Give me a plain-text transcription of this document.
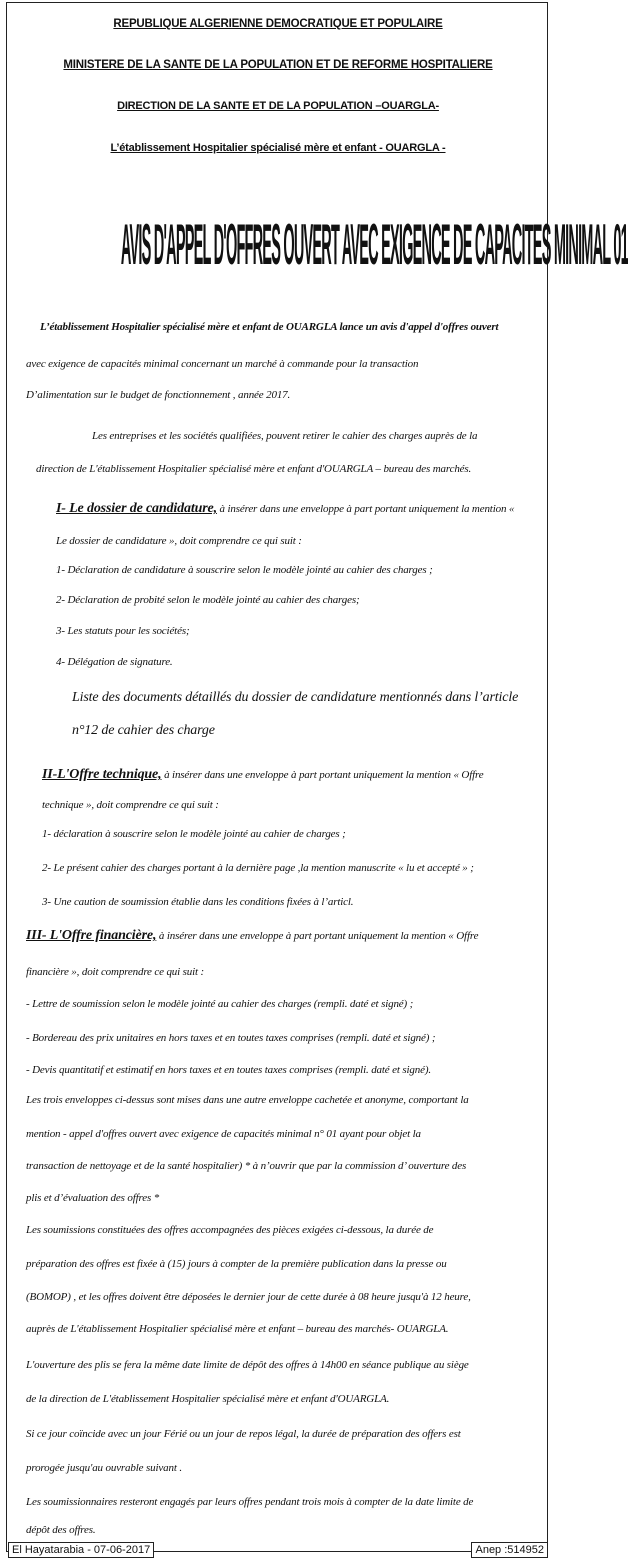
REPUBLIQUE ALGERIENNE DEMOCRATIQUE ET POPULAIRE
MINISTERE DE LA SANTE DE LA POPULATION ET DE REFORME HOSPITALIERE
DIRECTION DE LA SANTE ET DE LA POPULATION –OUARGLA-
L’établissement Hospitalier spécialisé mère et enfant - OUARGLA -
AVIS D'APPEL D'OFFRES OUVERT AVEC EXIGENCE DE CAPACITES MINIMAL 01
L’établissement Hospitalier spécialisé mère et enfant de OUARGLA lance un avis d'appel d'offres ouvert
avec exigence de capacités minimal concernant un marché à commande pour la transaction
D’alimentation sur le budget de fonctionnement , année 2017.
Les entreprises et les sociétés qualifiées, pouvent retirer le cahier des charges auprès de la
direction de L'établissement Hospitalier spécialisé mère et enfant d'OUARGLA – bureau des marchés.
I- Le dossier de candidature, à insérer dans une enveloppe à part portant uniquement la mention «
Le dossier de candidature », doit comprendre ce qui suit :
1- Déclaration de candidature à souscrire selon le modèle jointé au cahier des charges ;
2- Déclaration de probité selon le modèle jointé au cahier des charges;
3- Les statuts pour les sociétés;
4- Délégation de signature.
Liste des documents détaillés du dossier de candidature mentionnés dans l’article
n°12 de cahier des charge
II-L'Offre technique, à insérer dans une enveloppe à part portant uniquement la mention « Offre
technique », doit comprendre ce qui suit :
1- déclaration à souscrire selon le modèle jointé au cahier de charges ;
2- Le présent cahier des charges portant à la dernière page ,la mention manuscrite « lu et accepté » ;
3- Une caution de soumission établie dans les conditions fixées à l’articl.
III- L'Offre financière, à insérer dans une enveloppe à part portant uniquement la mention « Offre
financière », doit comprendre ce qui suit :
- Lettre de soumission selon le modèle jointé au cahier des charges (rempli. daté et signé) ;
- Bordereau des prix unitaires en hors taxes et en toutes taxes comprises (rempli. daté et signé) ;
- Devis quantitatif et estimatif en hors taxes et en toutes taxes comprises (rempli. daté et signé).
Les trois enveloppes ci-dessus sont mises dans une autre enveloppe cachetée et anonyme, comportant la
mention - appel d'offres ouvert avec exigence de capacités minimal n° 01 ayant pour objet la
transaction de nettoyage et de la santé hospitalier) * à n’ouvrir que par la commission d’ ouverture des
plis et d’évaluation des offres *
Les soumissions constituées des offres accompagnées des pièces exigées ci-dessous, la durée de
préparation des offres est fixée à (15) jours à compter de la première publication dans la presse ou
(BOMOP) , et les offres doivent être déposées le dernier jour de cette durée à 08 heure jusqu'à 12 heure,
auprès de L'établissement Hospitalier spécialisé mère et enfant – bureau des marchés- OUARGLA.
L'ouverture des plis se fera la même date limite de dépôt des offres à 14h00 en séance publique au siège
de la direction de L'établissement Hospitalier spécialisé mère et enfant d'OUARGLA.
Si ce jour coïncide avec un jour Férié ou un jour de repos légal, la durée de préparation des offers est
prorogée jusqu'au ouvrable suivant .
Les soumissionnaires resteront engagés par leurs offres pendant trois mois à compter de la date limite de
dépôt des offres.
El Hayatarabia - 07-06-2017	Anep :514952
